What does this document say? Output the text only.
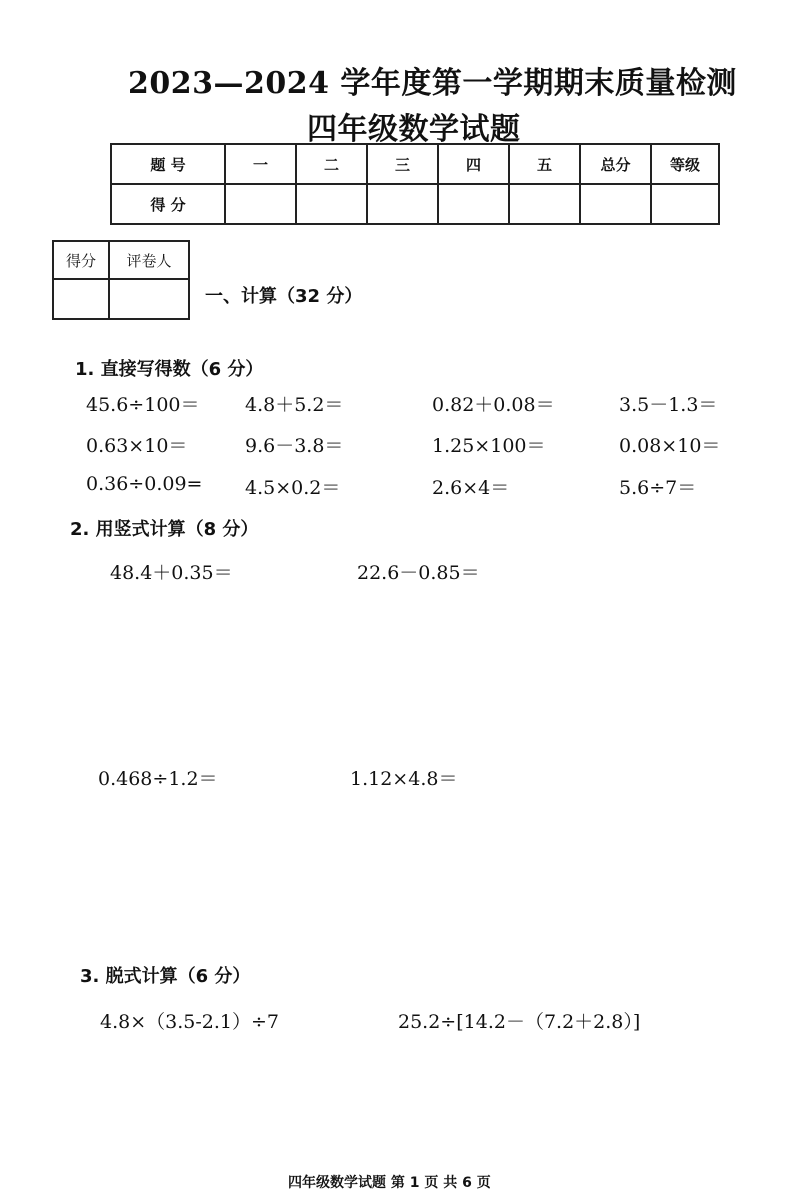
2023—2024 学年度第一学期期末质量检测
四年级数学试题
题 号	一	二	三	四	五	总分	等级
得 分							
得分	评卷人

一、计算（32 分）
1. 直接写得数（6 分）
45.6÷100＝ 4.8＋5.2＝	0.82＋0.08＝	3.5－1.3＝
0.63×10＝	9.6－3.8＝	1.25×100＝	0.08×10＝
0.36÷0.09= 4.5×0.2＝	2.6×4＝	5.6÷7＝
2. 用竖式计算（8 分）
48.4＋0.35＝	22.6－0.85＝
0.468÷1.2＝	1.12×4.8＝
3. 脱式计算（6 分）
4.8×（3.5-2.1）÷7	25.2÷[14.2－（7.2＋2.8）]
四年级数学试题 第 1 页 共 6 页
